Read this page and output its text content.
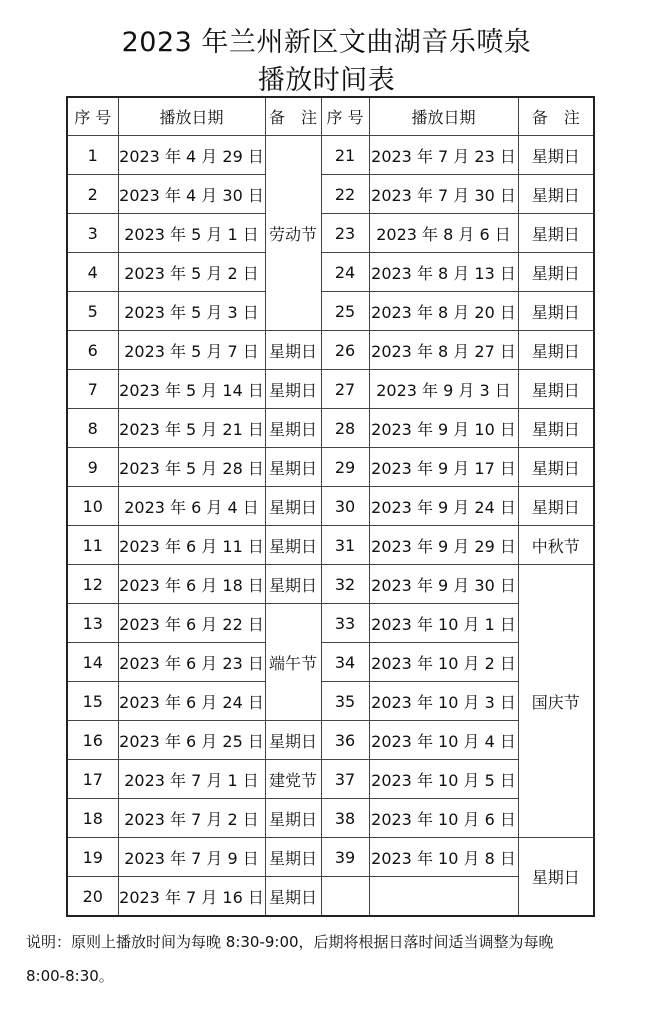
2023 年兰州新区文曲湖音乐喷泉
播放时间表
序 号	播放日期	备　注	序 号	播放日期	备　注
1	2023 年 4 月 29 日	劳动节	21	2023 年 7 月 23 日	星期日
2	2023 年 4 月 30 日		22	2023 年 7 月 30 日	星期日
3	2023 年 5 月 1 日		23	2023 年 8 月 6 日	星期日
4	2023 年 5 月 2 日		24	2023 年 8 月 13 日	星期日
5	2023 年 5 月 3 日		25	2023 年 8 月 20 日	星期日
6	2023 年 5 月 7 日	星期日	26	2023 年 8 月 27 日	星期日
7	2023 年 5 月 14 日	星期日	27	2023 年 9 月 3 日	星期日
8	2023 年 5 月 21 日	星期日	28	2023 年 9 月 10 日	星期日
9	2023 年 5 月 28 日	星期日	29	2023 年 9 月 17 日	星期日
10	2023 年 6 月 4 日	星期日	30	2023 年 9 月 24 日	星期日
11	2023 年 6 月 11 日	星期日	31	2023 年 9 月 29 日	中秋节
12	2023 年 6 月 18 日	星期日	32	2023 年 9 月 30 日	国庆节
13	2023 年 6 月 22 日	端午节	33	2023 年 10 月 1 日	
14	2023 年 6 月 23 日		34	2023 年 10 月 2 日	
15	2023 年 6 月 24 日		35	2023 年 10 月 3 日	
16	2023 年 6 月 25 日	星期日	36	2023 年 10 月 4 日	
17	2023 年 7 月 1 日	建党节	37	2023 年 10 月 5 日	
18	2023 年 7 月 2 日	星期日	38	2023 年 10 月 6 日	
19	2023 年 7 月 9 日	星期日	39	2023 年 10 月 8 日	星期日
20	2023 年 7 月 16 日	星期日			
说明：原则上播放时间为每晚 8:30-9:00，后期将根据日落时间适当调整为每晚
8:00-8:30。
